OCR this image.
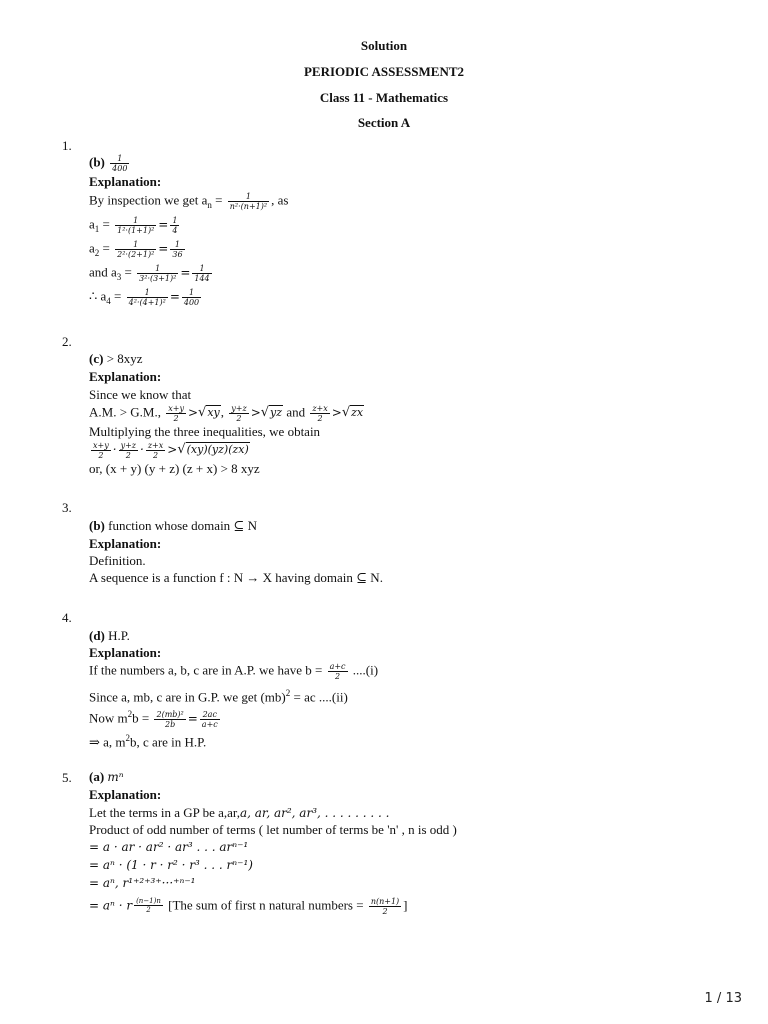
Solution
PERIODIC ASSESSMENT2
Class 11 - Mathematics
Section A
1.
$(b) \frac{1}{400}$
Explanation:
By inspection we get $a_n = \frac{1}{\text{n²·(n+1)²}}$ , as
$a_1 = \frac{1}{\text{1²·(1+1)²}} = \frac{1}{4}$
$a_2 = \frac{1}{\text{2²·(2+1)²}} = \frac{1}{36}$
and $a_3 = \frac{1}{\text{3²·(3+1)²}} = \frac{1}{144}$
∴ $a_4 = \frac{1}{\text{4²·(4+1)²}} = \frac{1}{400}$
2.
(c) > 8xyz
Explanation:
Since we know that
A.M. > G.M., $\frac{x+y}{2} >√xy$, $\frac{y+z}{2} >√yz$ and $\frac{z+x}{2} >√zx$
Multiplying the three inequalities, we obtain
$\frac{x+y}{2} \cdot \frac{y+z}{2} \cdot \frac{z+x}{2} >√(xy)(yz)(zx)$
or, (x + y) (y + z) (z + x) > 8 xyz
3.
(b) function whose domain ⊆ N
Explanation:
Definition.
A sequence is a function f : N → X having domain ⊆ N.
4.
(d) H.P.
Explanation:
If the numbers a, b, c are in A.P. we have $b = \frac{a+c}{2} ....(i)$
Since a, mb, c are in G.P. we get (mb)$^2$ = ac ....(ii)
Now $m^2b = \frac{\text{2(mb)²}}{2b} = \frac{2ac}{a+c}$
⇒ a, $m^2b$, c are in H.P.
5. (a) mⁿ
Explanation:
Let the terms in a GP be a,ar,a, ar, ar², ar³, . . . . . . . . .
Product of odd number of terms ( let number of terms be 'n' , n is odd )
= a · ar · ar² · ar³ . . . arⁿ⁻¹
= aⁿ · (1 · r · r² · r³ . . . rⁿ⁻¹)
= aⁿ, r¹⁺²⁺³⁺···⁺ⁿ⁻¹
= aⁿ · r $\frac{(n-1)n}{2} [The$ sum of first n natural numbers = $\frac{n(n+1)}{2}$ ]
1 / 13
